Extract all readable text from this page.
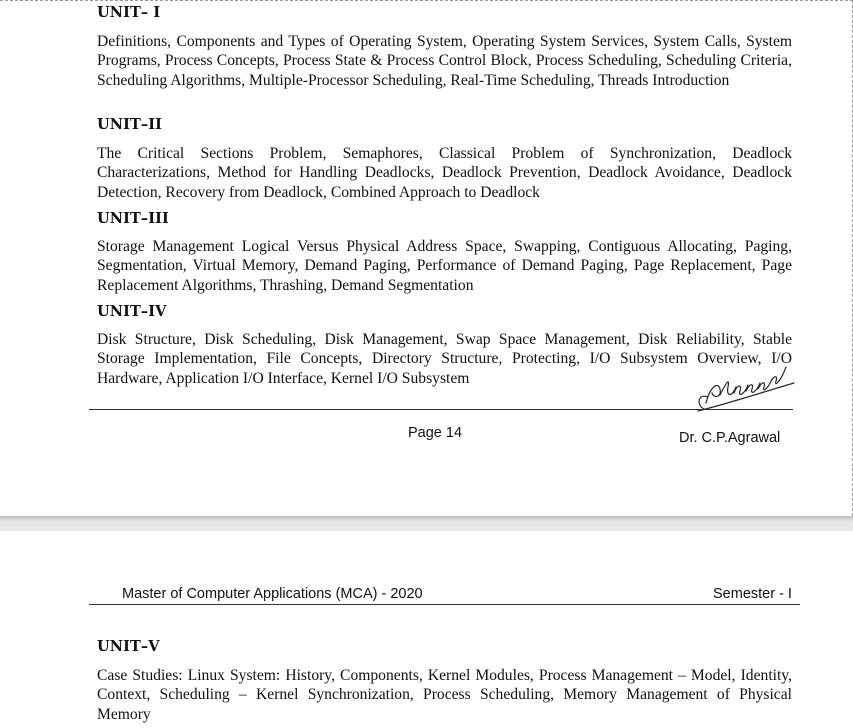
UNIT– I
Definitions, Components and Types of Operating System, Operating System Services, System Calls, System Programs, Process Concepts, Process State & Process Control Block, Process Scheduling, Scheduling Criteria, Scheduling Algorithms, Multiple-Processor Scheduling, Real-Time Scheduling, Threads Introduction
UNIT–II
The Critical Sections Problem, Semaphores, Classical Problem of Synchronization, Deadlock Characterizations, Method for Handling Deadlocks, Deadlock Prevention, Deadlock Avoidance, Deadlock Detection, Recovery from Deadlock, Combined Approach to Deadlock
UNIT–III
Storage Management Logical Versus Physical Address Space, Swapping, Contiguous Allocating, Paging, Segmentation, Virtual Memory, Demand Paging, Performance of Demand Paging, Page Replacement, Page Replacement Algorithms, Thrashing, Demand Segmentation
UNIT–IV
Disk Structure, Disk Scheduling, Disk Management, Swap Space Management, Disk Reliability, Stable Storage Implementation, File Concepts, Directory Structure, Protecting, I/O Subsystem Overview, I/O Hardware, Application I/O Interface, Kernel I/O Subsystem
Page 14	Dr. C.P.Agrawal
Master of Computer Applications (MCA) - 2020	Semester - I
UNIT–V
Case Studies: Linux System: History, Components, Kernel Modules, Process Management – Model, Identity, Context, Scheduling – Kernel Synchronization, Process Scheduling, Memory Management of Physical Memory
